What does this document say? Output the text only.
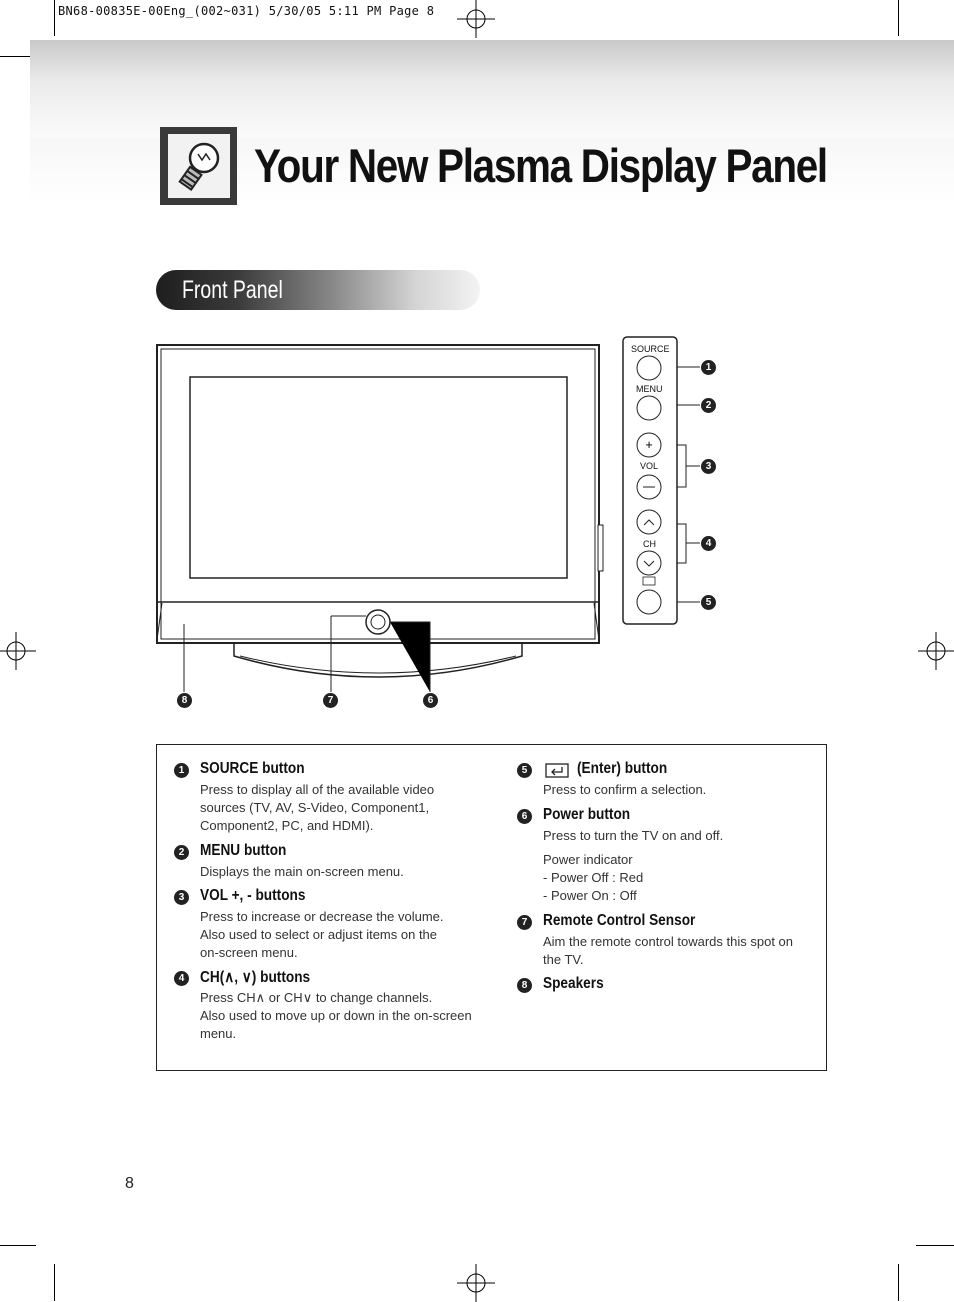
BN68-00835E-00Eng_(002~031) 5/30/05 5:11 PM Page 8
Your New Plasma Display Panel
Front Panel
+
SOURCE
MENU
VOL
CH
1
2
3
4
5
6
7
8
1	SOURCE button
Press to display all of the available video
sources (TV, AV, S-Video, Component1,
Component2, PC, and HDMI).
2	MENU button
Displays the main on-screen menu.
3	VOL +, - buttons
Press to increase or decrease the volume.
Also used to select or adjust items on the
on-screen menu.
4	CH(∧, ∨) buttons
Press CH∧ or CH∨ to change channels.
Also used to move up or down in the on-screen
menu.
5	(Enter) button
Press to confirm a selection.
6	Power button
Press to turn the TV on and off.
Power indicator
- Power Off : Red
- Power On : Off
7	Remote Control Sensor
Aim the remote control towards this spot on
the TV.
8	Speakers
8
